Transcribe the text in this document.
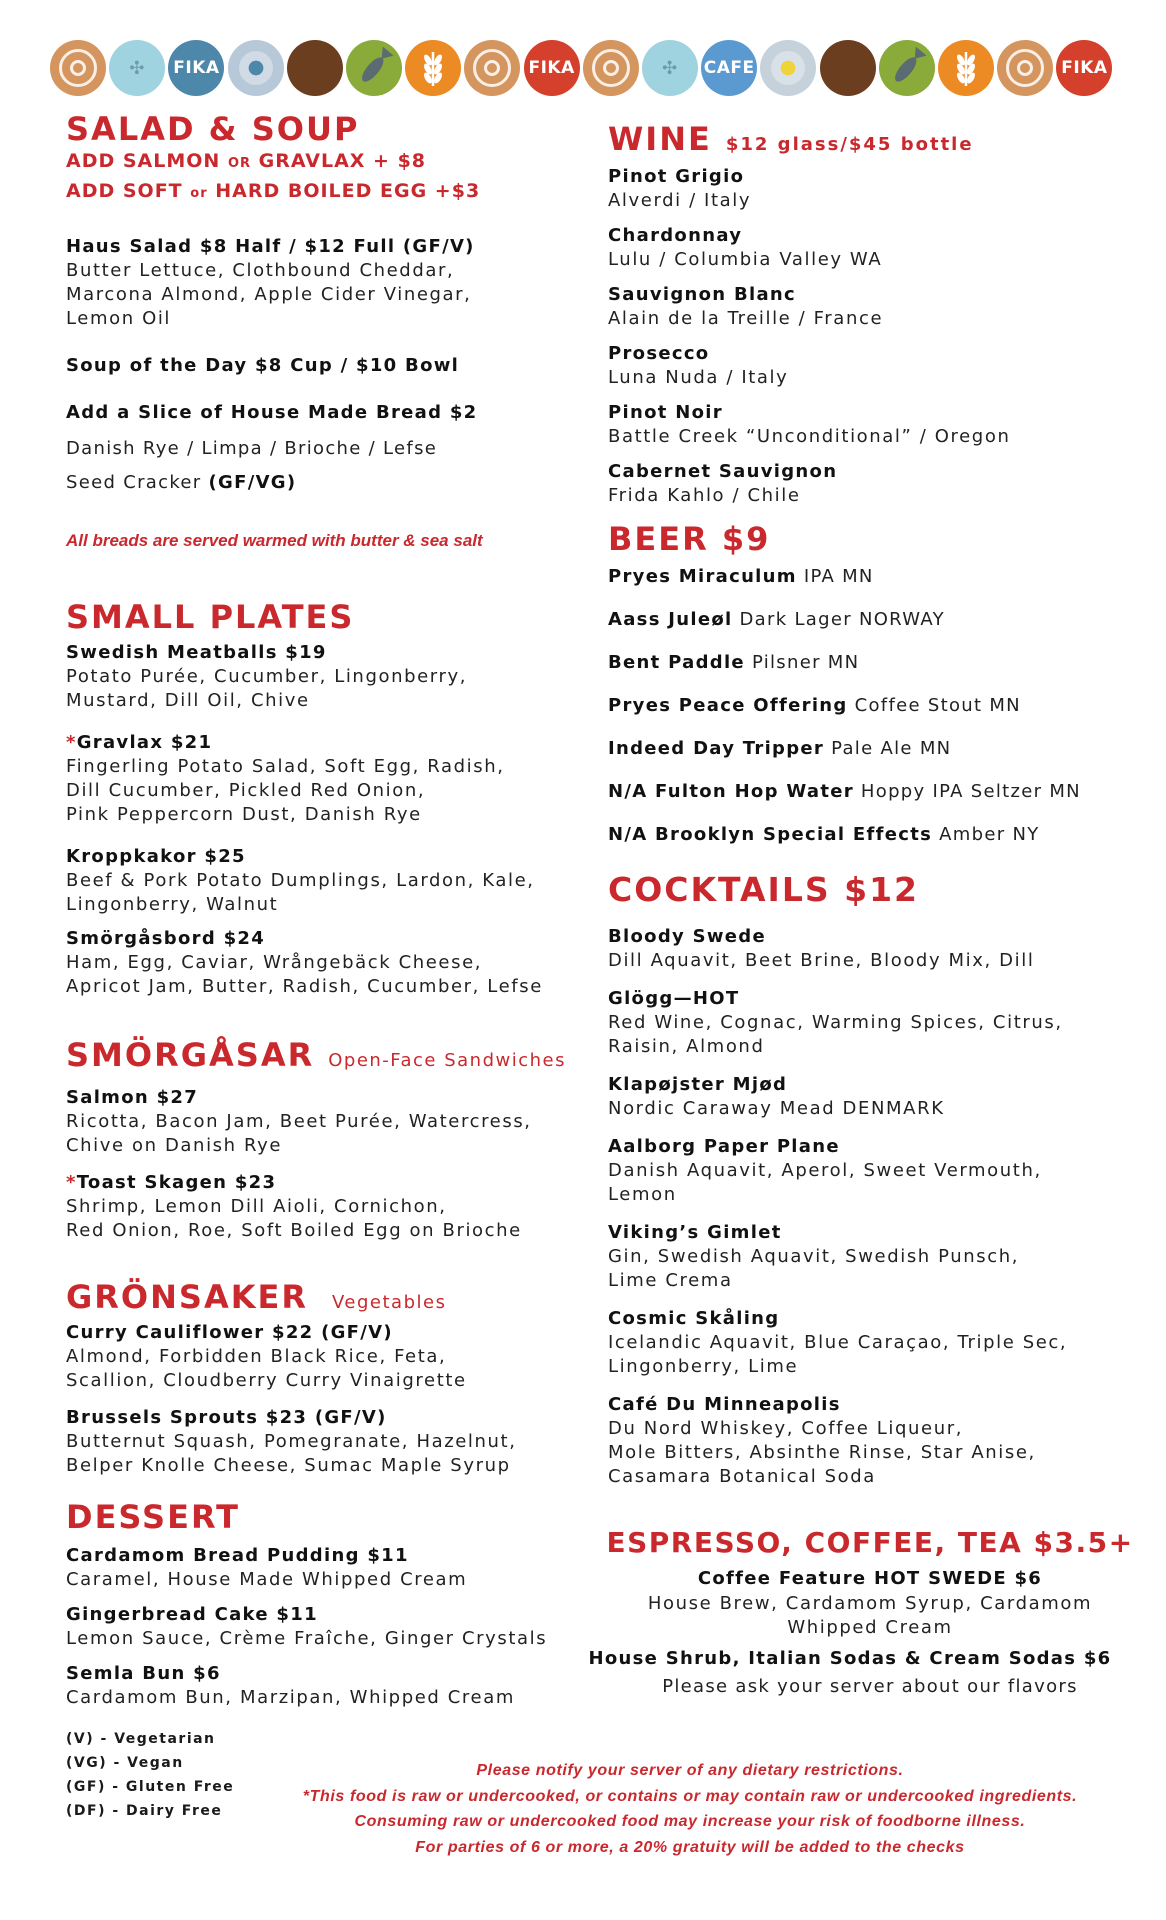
✣ FIKA	FIKA	✣ CAFE	FIKA
SALAD & SOUP
ADD SALMON OR GRAVLAX + $8
ADD SOFT or HARD BOILED EGG +$3
Haus Salad $8 Half / $12 Full (GF/V)
Butter Lettuce, Clothbound Cheddar,
Marcona Almond, Apple Cider Vinegar,
Lemon Oil
Soup of the Day $8 Cup / $10 Bowl
Add a Slice of House Made Bread $2
Danish Rye / Limpa / Brioche / Lefse
Seed Cracker (GF/VG)
All breads are served warmed with butter & sea salt
SMALL PLATES
Swedish Meatballs $19
Potato Purée, Cucumber, Lingonberry,
Mustard, Dill Oil, Chive
*Gravlax $21
Fingerling Potato Salad, Soft Egg, Radish,
Dill Cucumber, Pickled Red Onion,
Pink Peppercorn Dust, Danish Rye
Kroppkakor $25
Beef & Pork Potato Dumplings, Lardon, Kale,
Lingonberry, Walnut
Smörgåsbord $24
Ham, Egg, Caviar, Wrångebäck Cheese,
Apricot Jam, Butter, Radish, Cucumber, Lefse
SMÖRGÅSAR Open-Face Sandwiches
Salmon $27
Ricotta, Bacon Jam, Beet Purée, Watercress,
Chive on Danish Rye
*Toast Skagen $23
Shrimp, Lemon Dill Aioli, Cornichon,
Red Onion, Roe, Soft Boiled Egg on Brioche
GRÖNSAKER Vegetables
Curry Cauliflower $22 (GF/V)
Almond, Forbidden Black Rice, Feta,
Scallion, Cloudberry Curry Vinaigrette
Brussels Sprouts $23 (GF/V)
Butternut Squash, Pomegranate, Hazelnut,
Belper Knolle Cheese, Sumac Maple Syrup
DESSERT
Cardamom Bread Pudding $11
Caramel, House Made Whipped Cream
Gingerbread Cake $11
Lemon Sauce, Crème Fraîche, Ginger Crystals
Semla Bun $6
Cardamom Bun, Marzipan, Whipped Cream
(V) - Vegetarian
(VG) - Vegan
(GF) - Gluten Free
(DF) - Dairy Free
WINE $12 glass/$45 bottle
Pinot Grigio
Alverdi / Italy
Chardonnay
Lulu / Columbia Valley WA
Sauvignon Blanc
Alain de la Treille / France
Prosecco
Luna Nuda / Italy
Pinot Noir
Battle Creek “Unconditional” / Oregon
Cabernet Sauvignon
Frida Kahlo / Chile
BEER $9
Pryes Miraculum IPA MN
Aass Juleøl Dark Lager NORWAY
Bent Paddle Pilsner MN
Pryes Peace Offering Coffee Stout MN
Indeed Day Tripper Pale Ale MN
N/A Fulton Hop Water Hoppy IPA Seltzer MN
N/A Brooklyn Special Effects Amber NY
COCKTAILS $12
Bloody Swede
Dill Aquavit, Beet Brine, Bloody Mix, Dill
Glögg—HOT
Red Wine, Cognac, Warming Spices, Citrus,
Raisin, Almond
Klapøjster Mjød
Nordic Caraway Mead DENMARK
Aalborg Paper Plane
Danish Aquavit, Aperol, Sweet Vermouth,
Lemon
Viking’s Gimlet
Gin, Swedish Aquavit, Swedish Punsch,
Lime Crema
Cosmic Skåling
Icelandic Aquavit, Blue Caraçao, Triple Sec,
Lingonberry, Lime
Café Du Minneapolis
Du Nord Whiskey, Coffee Liqueur,
Mole Bitters, Absinthe Rinse, Star Anise,
Casamara Botanical Soda
ESPRESSO, COFFEE, TEA $3.5+
Coffee Feature HOT SWEDE $6
House Brew, Cardamom Syrup, Cardamom
Whipped Cream
House Shrub, Italian Sodas & Cream Sodas $6
Please ask your server about our flavors
Please notify your server of any dietary restrictions.
*This food is raw or undercooked, or contains or may contain raw or undercooked ingredients.
Consuming raw or undercooked food may increase your risk of foodborne illness.
For parties of 6 or more, a 20% gratuity will be added to the checks
